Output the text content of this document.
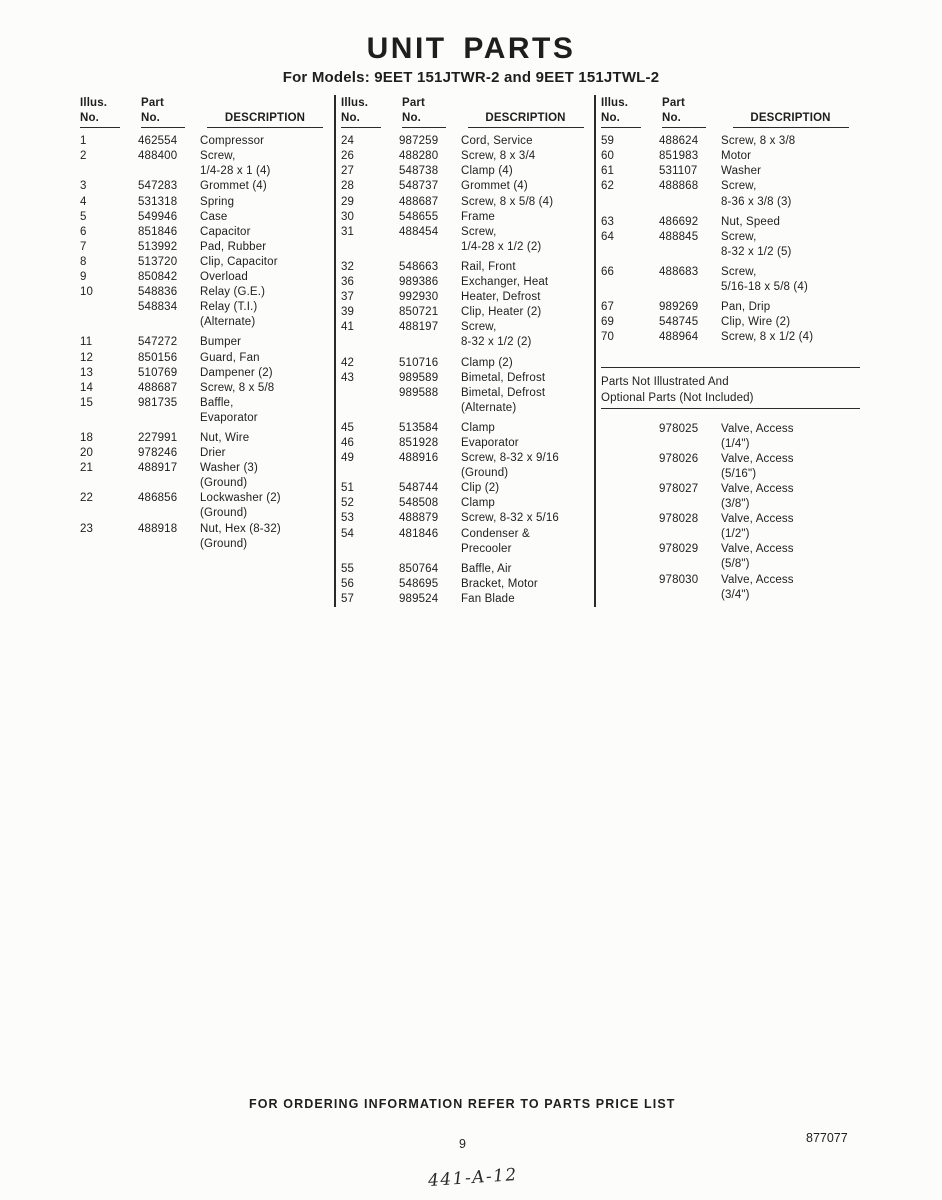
UNIT PARTS
For Models: 9EET 151JTWR-2 and 9EET 151JTWL-2
Illus.	Part
No.	No.	DESCRIPTION
1	462554	Compressor
2	488400	Screw,
1/4-28 x 1 (4)
3	547283	Grommet (4)
4	531318	Spring
5	549946	Case
6	851846	Capacitor
7	513992	Pad, Rubber
8	513720	Clip, Capacitor
9	850842	Overload
10	548836	Relay (G.E.)
548834	Relay (T.I.)
(Alternate)
11	547272	Bumper
12	850156	Guard, Fan
13	510769	Dampener (2)
14	488687	Screw, 8 x 5/8
15	981735	Baffle,
Evaporator
18	227991	Nut, Wire
20	978246	Drier
21	488917	Washer (3)
(Ground)
22	486856	Lockwasher (2)
(Ground)
23	488918	Nut, Hex (8-32)
(Ground)
Illus.	Part
No.	No.	DESCRIPTION
24	987259	Cord, Service
26	488280	Screw, 8 x 3/4
27	548738	Clamp (4)
28	548737	Grommet (4)
29	488687	Screw, 8 x 5/8 (4)
30	548655	Frame
31	488454	Screw,
1/4-28 x 1/2 (2)
32	548663	Rail, Front
36	989386	Exchanger, Heat
37	992930	Heater, Defrost
39	850721	Clip, Heater (2)
41	488197	Screw,
8-32 x 1/2 (2)
42	510716	Clamp (2)
43	989589	Bimetal, Defrost
989588	Bimetal, Defrost
(Alternate)
45	513584	Clamp
46	851928	Evaporator
49	488916	Screw, 8-32 x 9/16
(Ground)
51	548744	Clip (2)
52	548508	Clamp
53	488879	Screw, 8-32 x 5/16
54	481846	Condenser &
Precooler
55	850764	Baffle, Air
56	548695	Bracket, Motor
57	989524	Fan Blade
Illus.	Part
No.	No.	DESCRIPTION
59	488624	Screw, 8 x 3/8
60	851983	Motor
61	531107	Washer
62	488868	Screw,
8-36 x 3/8 (3)
63	486692	Nut, Speed
64	488845	Screw,
8-32 x 1/2 (5)
66	488683	Screw,
5/16-18 x 5/8 (4)
67	989269	Pan, Drip
69	548745	Clip, Wire (2)
70	488964	Screw, 8 x 1/2 (4)
Parts Not Illustrated And
Optional Parts (Not Included)
978025	Valve, Access
(1/4")
978026	Valve, Access
(5/16")
978027	Valve, Access
(3/8")
978028	Valve, Access
(1/2")
978029	Valve, Access
(5/8")
978030	Valve, Access
(3/4")
FOR ORDERING INFORMATION REFER TO PARTS PRICE LIST
9	877077
441-A-12
